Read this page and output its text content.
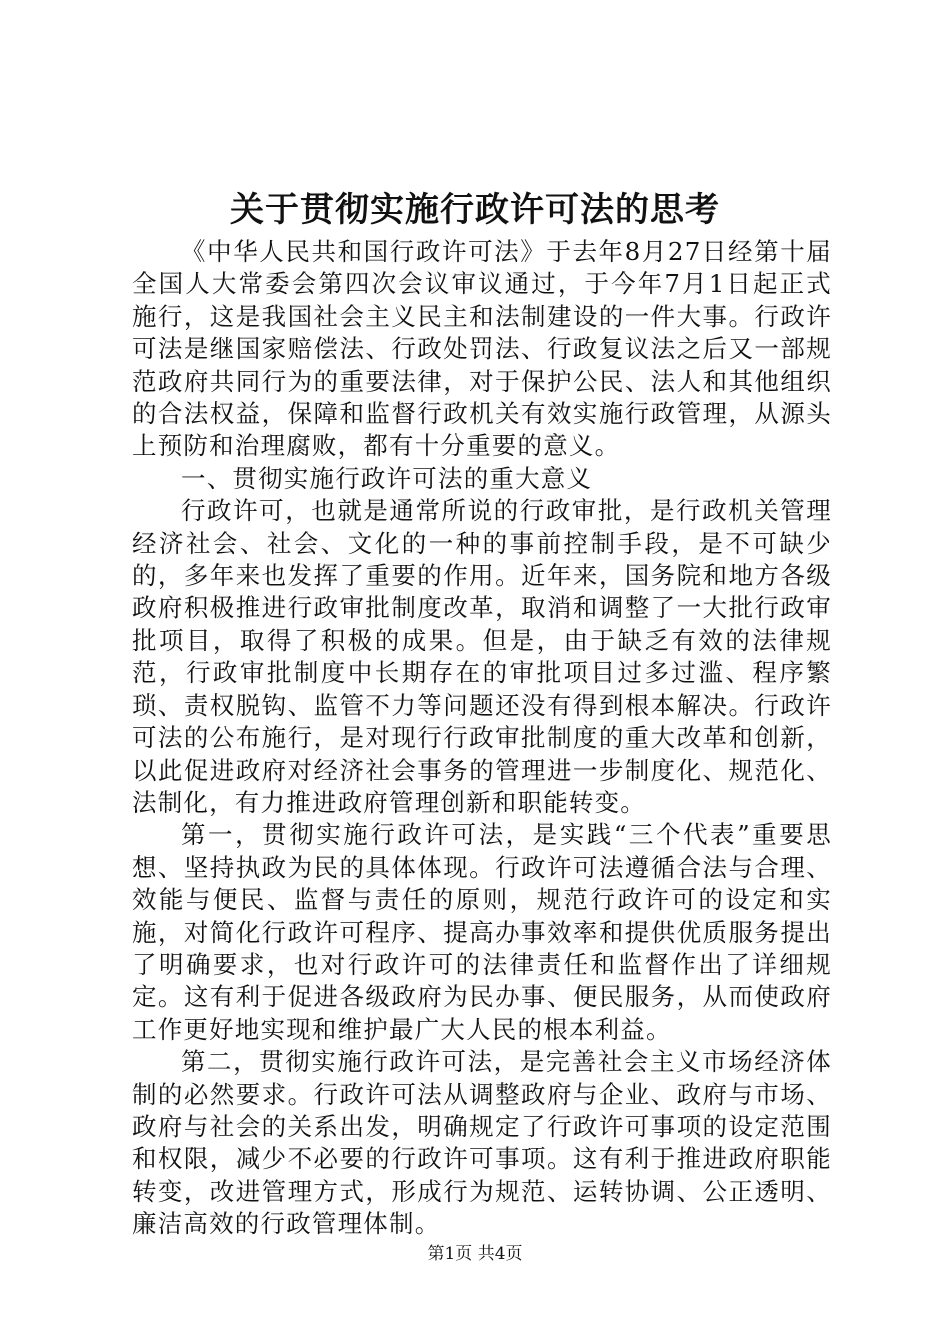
关于贯彻实施行政许可法的思考

《中华人民共和国行政许可法》于去年8月27日经第十届全国人大常委会第四次会议审议通过，于今年7月1日起正式施行，这是我国社会主义民主和法制建设的一件大事。行政许可法是继国家赔偿法、行政处罚法、行政复议法之后又一部规范政府共同行为的重要法律，对于保护公民、法人和其他组织的合法权益，保障和监督行政机关有效实施行政管理，从源头上预防和治理腐败，都有十分重要的意义。

一、贯彻实施行政许可法的重大意义

行政许可，也就是通常所说的行政审批，是行政机关管理经济社会、社会、文化的一种的事前控制手段，是不可缺少的，多年来也发挥了重要的作用。近年来，国务院和地方各级政府积极推进行政审批制度改革，取消和调整了一大批行政审批项目，取得了积极的成果。但是，由于缺乏有效的法律规范，行政审批制度中长期存在的审批项目过多过滥、程序繁琐、责权脱钩、监管不力等问题还没有得到根本解决。行政许可法的公布施行，是对现行行政审批制度的重大改革和创新，以此促进政府对经济社会事务的管理进一步制度化、规范化、法制化，有力推进政府管理创新和职能转变。

第一，贯彻实施行政许可法，是实践“三个代表”重要思想、坚持执政为民的具体体现。行政许可法遵循合法与合理、效能与便民、监督与责任的原则，规范行政许可的设定和实施，对简化行政许可程序、提高办事效率和提供优质服务提出了明确要求，也对行政许可的法律责任和监督作出了详细规定。这有利于促进各级政府为民办事、便民服务，从而使政府工作更好地实现和维护最广大人民的根本利益。

第二，贯彻实施行政许可法，是完善社会主义市场经济体制的必然要求。行政许可法从调整政府与企业、政府与市场、政府与社会的关系出发，明确规定了行政许可事项的设定范围和权限，减少不必要的行政许可事项。这有利于推进政府职能转变，改进管理方式，形成行为规范、运转协调、公正透明、廉洁高效的行政管理体制。

第1页 共4页
